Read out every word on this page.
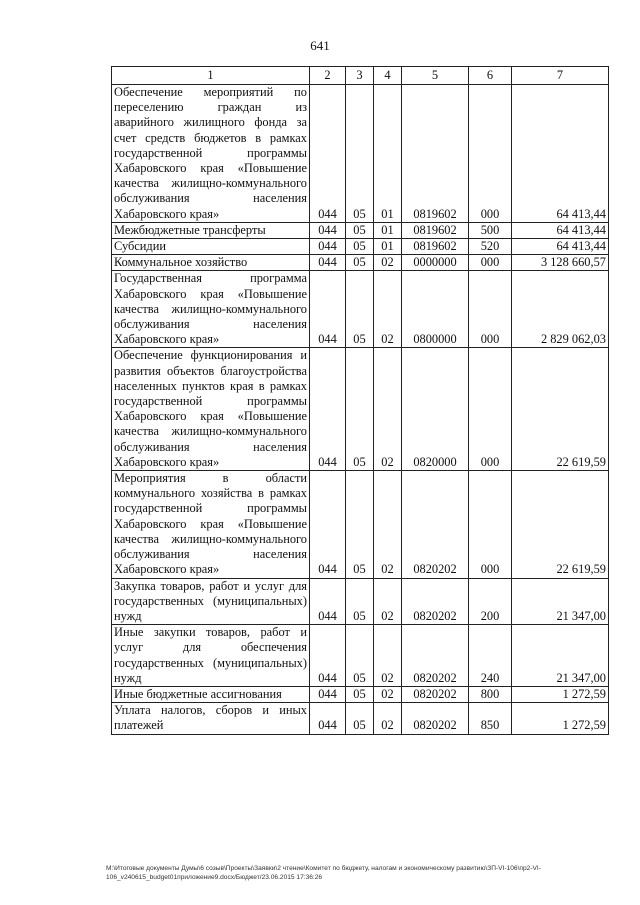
641
1	2	3	4	5	6	7
Обеспечение мероприятий по переселению граждан из аварийного жилищного фонда за счет средств бюджетов в рамках государственной программы Хабаровского края «Повышение качества жилищно-коммунального обслуживания населения Хабаровского края»	044	05	01	0819602	000	64 413,44
Межбюджетные трансферты	044	05	01	0819602	500	64 413,44
Субсидии	044	05	01	0819602	520	64 413,44
Коммунальное хозяйство	044	05	02	0000000	000	3 128 660,57
Государственная программа Хабаровского края «Повышение качества жилищно-коммунального обслуживания населения Хабаровского края»	044	05	02	0800000	000	2 829 062,03
Обеспечение функционирования и развития объектов благоустройства населенных пунктов края в рамках государственной программы Хабаровского края «Повышение качества жилищно-коммунального обслуживания населения Хабаровского края»	044	05	02	0820000	000	22 619,59
Мероприятия в области коммунального хозяйства в рамках государственной программы Хабаровского края «Повышение качества жилищно-коммунального обслуживания населения Хабаровского края»	044	05	02	0820202	000	22 619,59
Закупка товаров, работ и услуг для государственных (муниципальных) нужд	044	05	02	0820202	200	21 347,00
Иные закупки товаров, работ и услуг для обеспечения государственных (муниципальных) нужд	044	05	02	0820202	240	21 347,00
Иные бюджетные ассигнования	044	05	02	0820202	800	1 272,59
Уплата налогов, сборов и иных платежей	044	05	02	0820202	850	1 272,59
M:\Итоговые документы Думы\6 созыв\Проекты\Заявки\2 чтение\Комитет по бюджету, налогам и экономическому развитию\ЗП-VI-106\пр2-VI-106_v240615_budget01приложение9.docx/Бюджет/23.06.2015 17:36:26
